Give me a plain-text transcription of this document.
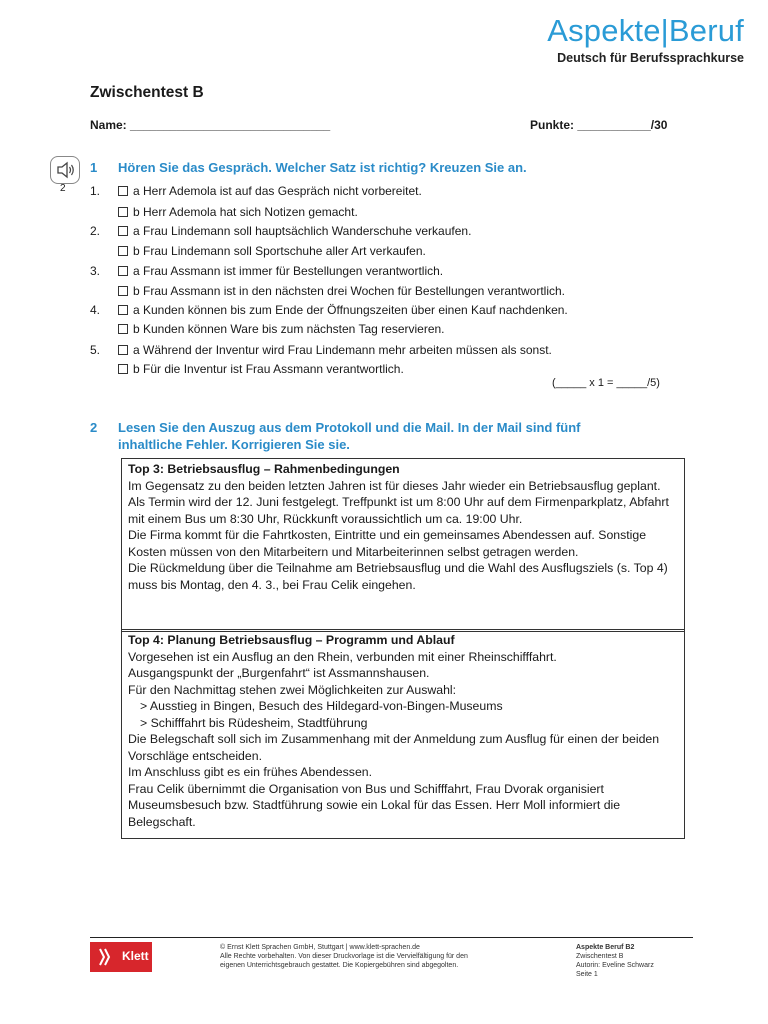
Aspekte|Beruf
Deutsch für Berufssprachkurse
Zwischentest B
Name: ______________________________	Punkte: ___________/30
2
1 Hören Sie das Gespräch. Welcher Satz ist richtig? Kreuzen Sie an.
1.	a Herr Ademola ist auf das Gespräch nicht vorbereitet.
b Herr Ademola hat sich Notizen gemacht.
2.	a Frau Lindemann soll hauptsächlich Wanderschuhe verkaufen.
b Frau Lindemann soll Sportschuhe aller Art verkaufen.
3.	a Frau Assmann ist immer für Bestellungen verantwortlich.
b Frau Assmann ist in den nächsten drei Wochen für Bestellungen verantwortlich.
4.	a Kunden können bis zum Ende der Öffnungszeiten über einen Kauf nachdenken.
b Kunden können Ware bis zum nächsten Tag reservieren.
5.	a Während der Inventur wird Frau Lindemann mehr arbeiten müssen als sonst.
b Für die Inventur ist Frau Assmann verantwortlich.
(_____ x 1 = _____/5)
2 Lesen Sie den Auszug aus dem Protokoll und die Mail. In der Mail sind fünf
inhaltliche Fehler. Korrigieren Sie sie.
Top 3: Betriebsausflug – Rahmenbedingungen
Im Gegensatz zu den beiden letzten Jahren ist für dieses Jahr wieder ein Betriebsausflug geplant. Als Termin wird der 12. Juni festgelegt. Treffpunkt ist um 8:00 Uhr auf dem Firmenparkplatz, Abfahrt mit einem Bus um 8:30 Uhr, Rückkunft voraussichtlich um ca. 19:00 Uhr.
Die Firma kommt für die Fahrtkosten, Eintritte und ein gemeinsames Abendessen auf. Sonstige Kosten müssen von den Mitarbeitern und Mitarbeiterinnen selbst getragen werden.
Die Rückmeldung über die Teilnahme am Betriebsausflug und die Wahl des Ausflugsziels (s. Top 4) muss bis Montag, den 4. 3., bei Frau Celik eingehen.
Top 4: Planung Betriebsausflug – Programm und Ablauf
Vorgesehen ist ein Ausflug an den Rhein, verbunden mit einer Rheinschifffahrt.
Ausgangspunkt der „Burgenfahrt“ ist Assmannshausen.
Für den Nachmittag stehen zwei Möglichkeiten zur Auswahl:
> Ausstieg in Bingen, Besuch des Hildegard-von-Bingen-Museums
> Schifffahrt bis Rüdesheim, Stadtführung
Die Belegschaft soll sich im Zusammenhang mit der Anmeldung zum Ausflug für einen der beiden Vorschläge entscheiden.
Im Anschluss gibt es ein frühes Abendessen.
Frau Celik übernimmt die Organisation von Bus und Schifffahrt, Frau Dvorak organisiert Museumsbesuch bzw. Stadtführung sowie ein Lokal für das Essen. Herr Moll informiert die Belegschaft.
Klett
© Ernst Klett Sprachen GmbH, Stuttgart | www.klett-sprachen.de
Alle Rechte vorbehalten. Von dieser Druckvorlage ist die Vervielfältigung für den
eigenen Unterrichtsgebrauch gestattet. Die Kopiergebühren sind abgegolten.
Aspekte Beruf B2
Zwischentest B
Autorin: Eveline Schwarz
Seite 1
